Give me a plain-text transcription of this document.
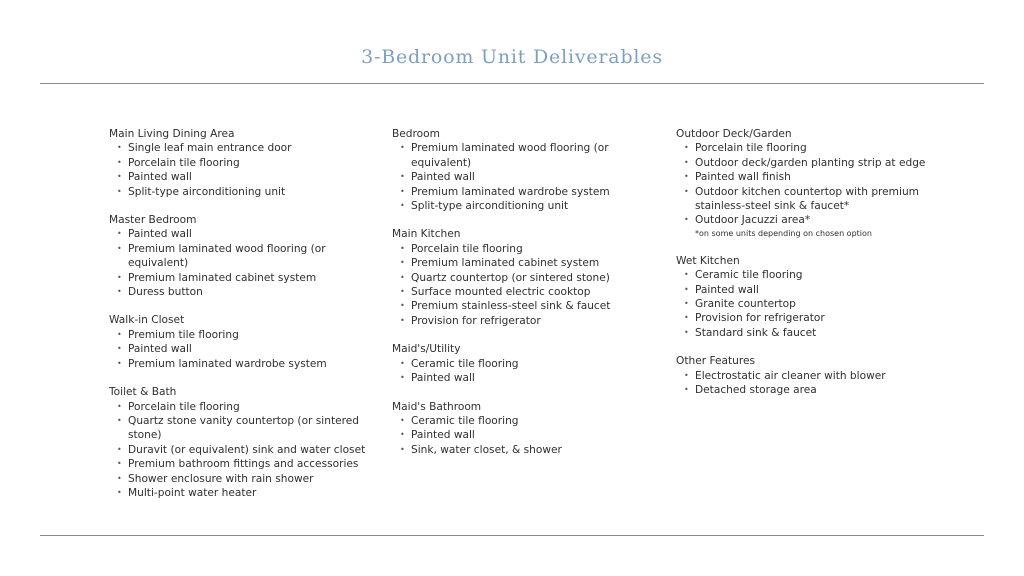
3-Bedroom Unit Deliverables
Main Living Dining Area
• Single leaf main entrance door
• Porcelain tile flooring
• Painted wall
• Split-type airconditioning unit
Master Bedroom
• Painted wall
• Premium laminated wood flooring (or equivalent)
• Premium laminated cabinet system
• Duress button
Walk-in Closet
• Premium tile flooring
• Painted wall
• Premium laminated wardrobe system
Toilet & Bath
• Porcelain tile flooring
• Quartz stone vanity countertop (or sintered stone)
• Duravit (or equivalent) sink and water closet
• Premium bathroom fittings and accessories
• Shower enclosure with rain shower
• Multi-point water heater
Bedroom
• Premium laminated wood flooring (or equivalent)
• Painted wall
• Premium laminated wardrobe system
• Split-type airconditioning unit
Main Kitchen
• Porcelain tile flooring
• Premium laminated cabinet system
• Quartz countertop (or sintered stone)
• Surface mounted electric cooktop
• Premium stainless-steel sink & faucet
• Provision for refrigerator
Maid's/Utility
• Ceramic tile flooring
• Painted wall
Maid's Bathroom
• Ceramic tile flooring
• Painted wall
• Sink, water closet, & shower
Outdoor Deck/Garden
• Porcelain tile flooring
• Outdoor deck/garden planting strip at edge
• Painted wall finish
• Outdoor kitchen countertop with premium stainless-steel sink & faucet*
• Outdoor Jacuzzi area*
*on some units depending on chosen option
Wet Kitchen
• Ceramic tile flooring
• Painted wall
• Granite countertop
• Provision for refrigerator
• Standard sink & faucet
Other Features
• Electrostatic air cleaner with blower
• Detached storage area
